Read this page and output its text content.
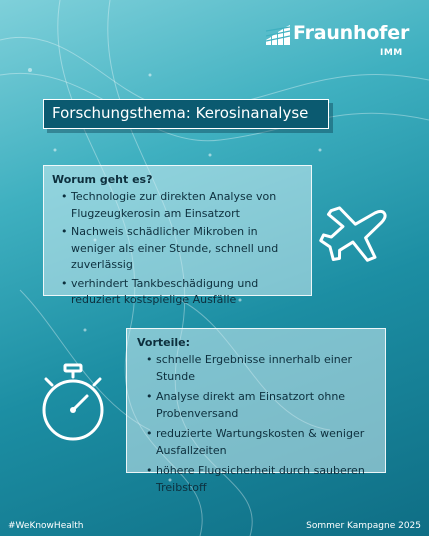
Fraunhofer
IMM
Forschungsthema: Kerosinanalyse
Worum geht es?
• Technologie zur direkten Analyse von Flugzeugkerosin am Einsatzort
• Nachweis schädlicher Mikroben in weniger als einer Stunde, schnell und zuverlässig
• verhindert Tankbeschädigung und reduziert kostspielige Ausfälle
Vorteile:
• schnelle Ergebnisse innerhalb einer Stunde
• Analyse direkt am Einsatzort ohne Probenversand
• reduzierte Wartungskosten & weniger Ausfallzeiten
• höhere Flugsicherheit durch sauberen Treibstoff
#WeKnowHealth	Sommer Kampagne 2025
